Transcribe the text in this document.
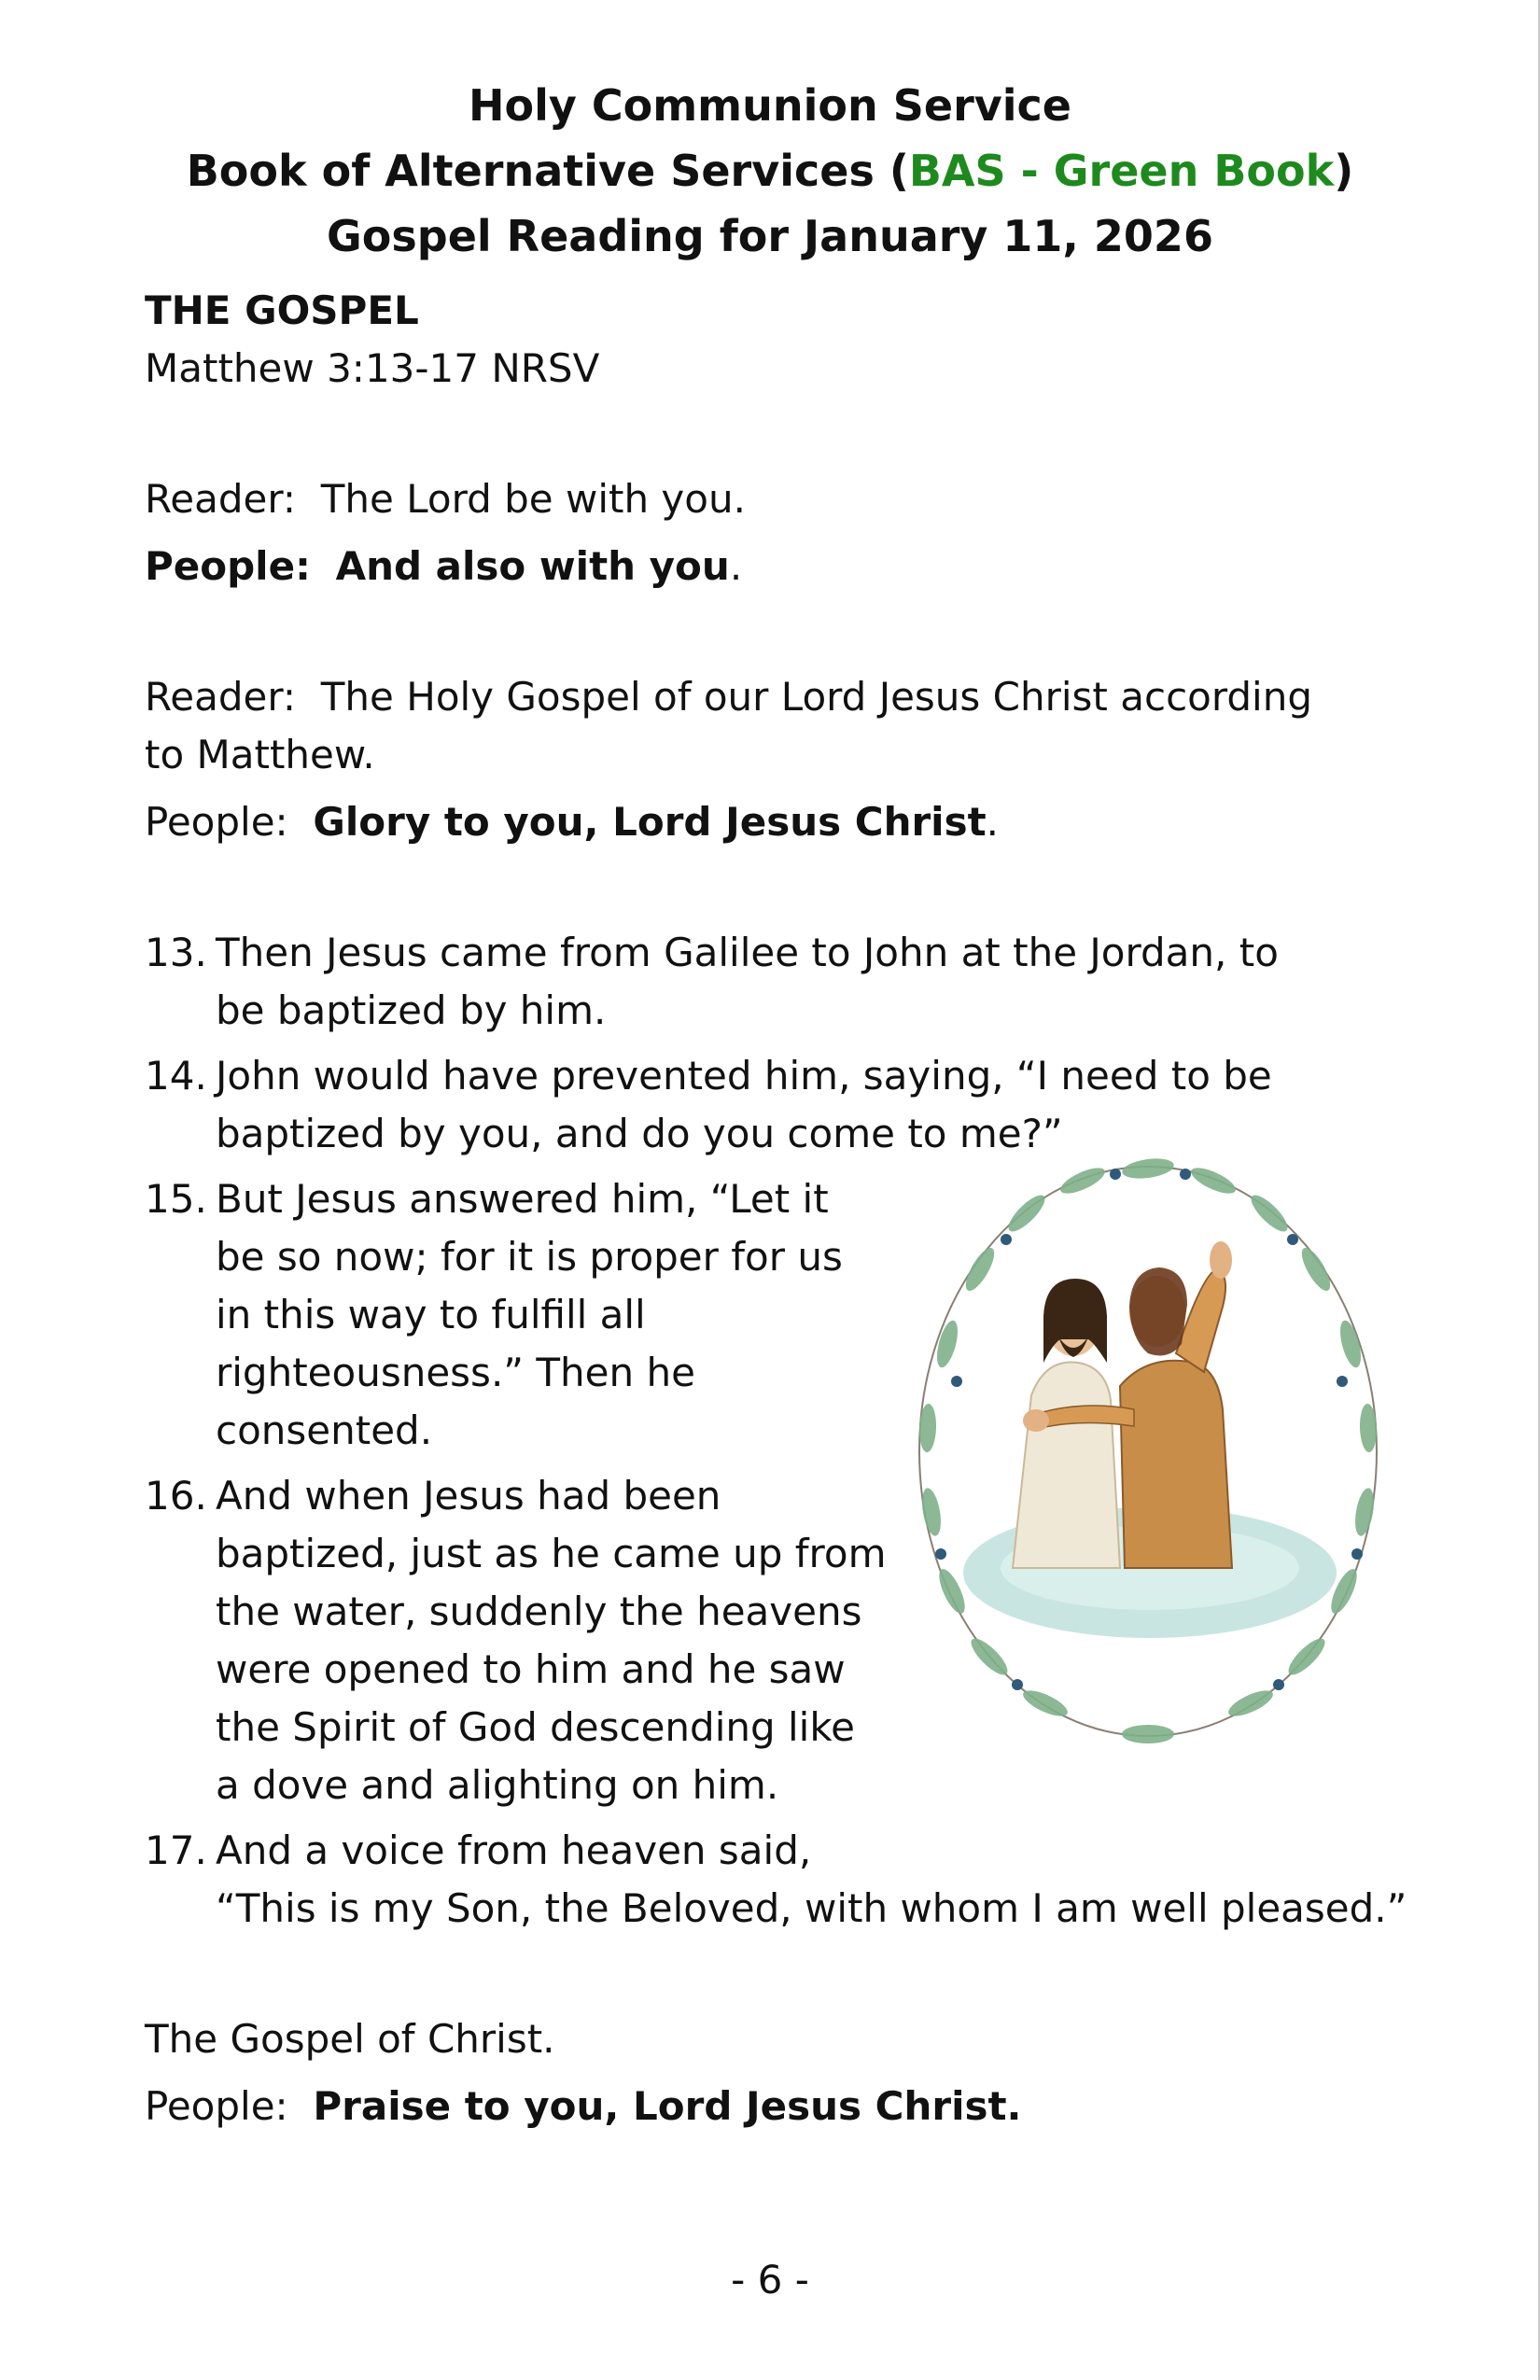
Holy Communion Service
Book of Alternative Services (BAS - Green Book)
Gospel Reading for January 11, 2026
THE GOSPEL
Matthew 3:13-17 NRSV
Reader: The Lord be with you.
People: And also with you.
Reader: The Holy Gospel of our Lord Jesus Christ according to Matthew.
People: Glory to you, Lord Jesus Christ.
13. Then Jesus came from Galilee to John at the Jordan, to be baptized by him.
14. John would have prevented him, saying, “I need to be baptized by you, and do you come to me?”
15. But Jesus answered him, “Let it be so now; for it is proper for us in this way to fulfill all righteousness.” Then he consented.
16. And when Jesus had been baptized, just as he came up from the water, suddenly the heavens were opened to him and he saw the Spirit of God descending like a dove and alighting on him.
17. And a voice from heaven said,
“This is my Son, the Beloved, with whom I am well pleased.”
The Gospel of Christ.
People: Praise to you, Lord Jesus Christ.
- 6 -
